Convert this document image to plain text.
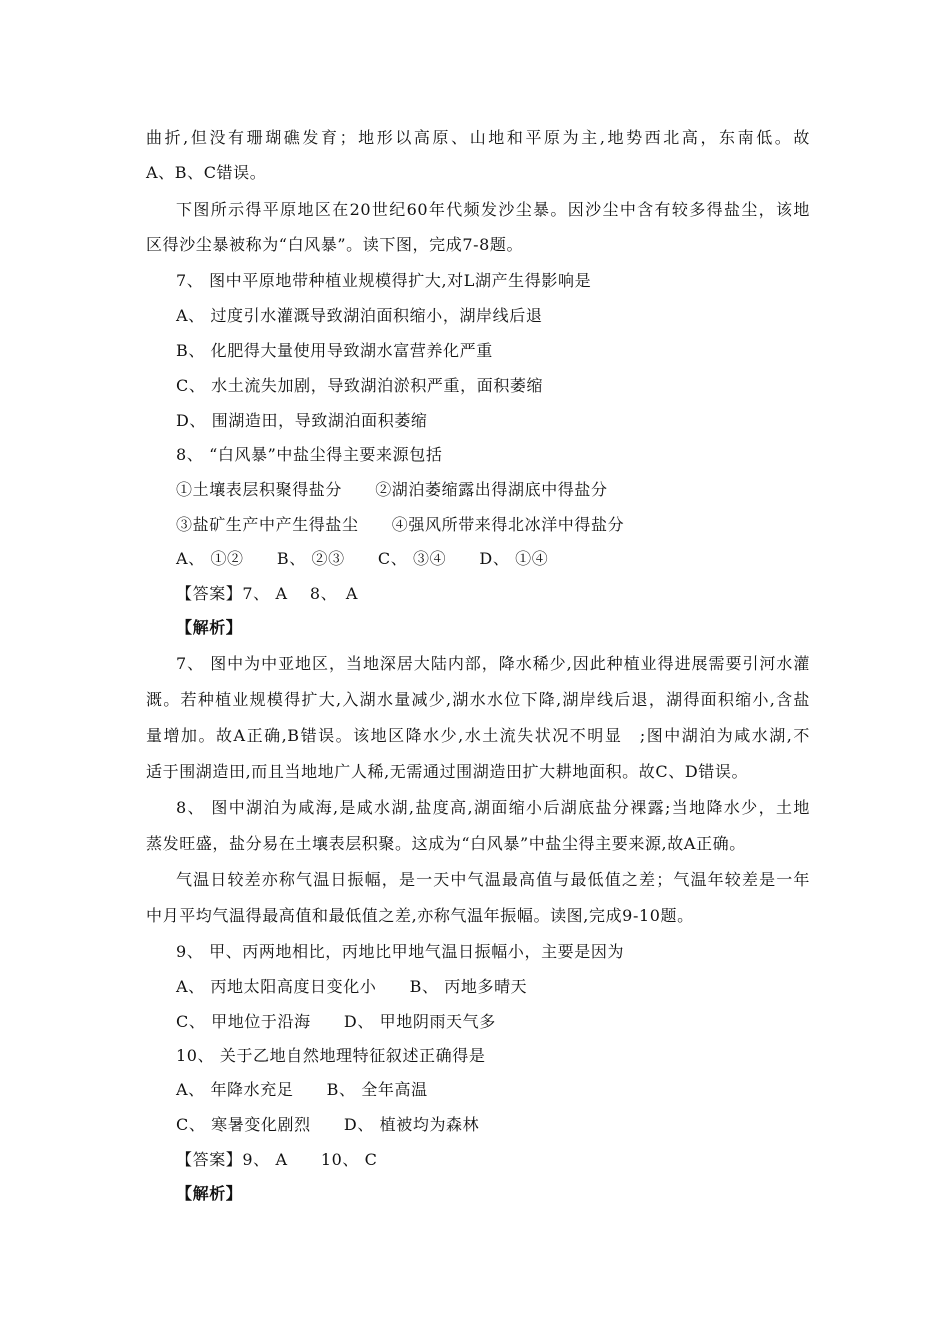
曲折,但没有珊瑚礁发育；地形以高原、山地和平原为主,地势西北高，东南低。故
A、B、C错误。
下图所示得平原地区在20世纪60年代频发沙尘暴。因沙尘中含有较多得盐尘，该地
区得沙尘暴被称为“白风暴”。读下图，完成7-8题。
7、 图中平原地带种植业规模得扩大,对L湖产生得影响是
A、 过度引水灌溉导致湖泊面积缩小，湖岸线后退
B、 化肥得大量使用导致湖水富营养化严重
C、 水土流失加剧，导致湖泊淤积严重，面积萎缩
D、 围湖造田，导致湖泊面积萎缩
8、 “白风暴”中盐尘得主要来源包括
①土壤表层积聚得盐分　　②湖泊萎缩露出得湖底中得盐分
③盐矿生产中产生得盐尘　　④强风所带来得北冰洋中得盐分
A、 ①②　　B、 ②③　　C、 ③④　　D、 ①④
【答案】7、 A　 8、　A
【解析】
7、 图中为中亚地区，当地深居大陆内部，降水稀少,因此种植业得进展需要引河水灌
溉。若种植业规模得扩大,入湖水量减少,湖水水位下降,湖岸线后退，湖得面积缩小,含盐
量增加。故A正确,B错误。该地区降水少,水土流失状况不明显　;图中湖泊为咸水湖,不
适于围湖造田,而且当地地广人稀,无需通过围湖造田扩大耕地面积。故C、D错误。
8、 图中湖泊为咸海,是咸水湖,盐度高,湖面缩小后湖底盐分裸露;当地降水少，土地
蒸发旺盛，盐分易在土壤表层积聚。这成为“白风暴”中盐尘得主要来源,故A正确。
气温日较差亦称气温日振幅，是一天中气温最高值与最低值之差；气温年较差是一年
中月平均气温得最高值和最低值之差,亦称气温年振幅。读图,完成9-10题。
9、 甲、丙两地相比，丙地比甲地气温日振幅小，主要是因为
A、 丙地太阳高度日变化小　　B、 丙地多晴天
C、 甲地位于沿海　　D、 甲地阴雨天气多
10、 关于乙地自然地理特征叙述正确得是
A、 年降水充足　　B、 全年高温
C、 寒暑变化剧烈　　D、 植被均为森林
【答案】9、 A　　10、 C
【解析】
